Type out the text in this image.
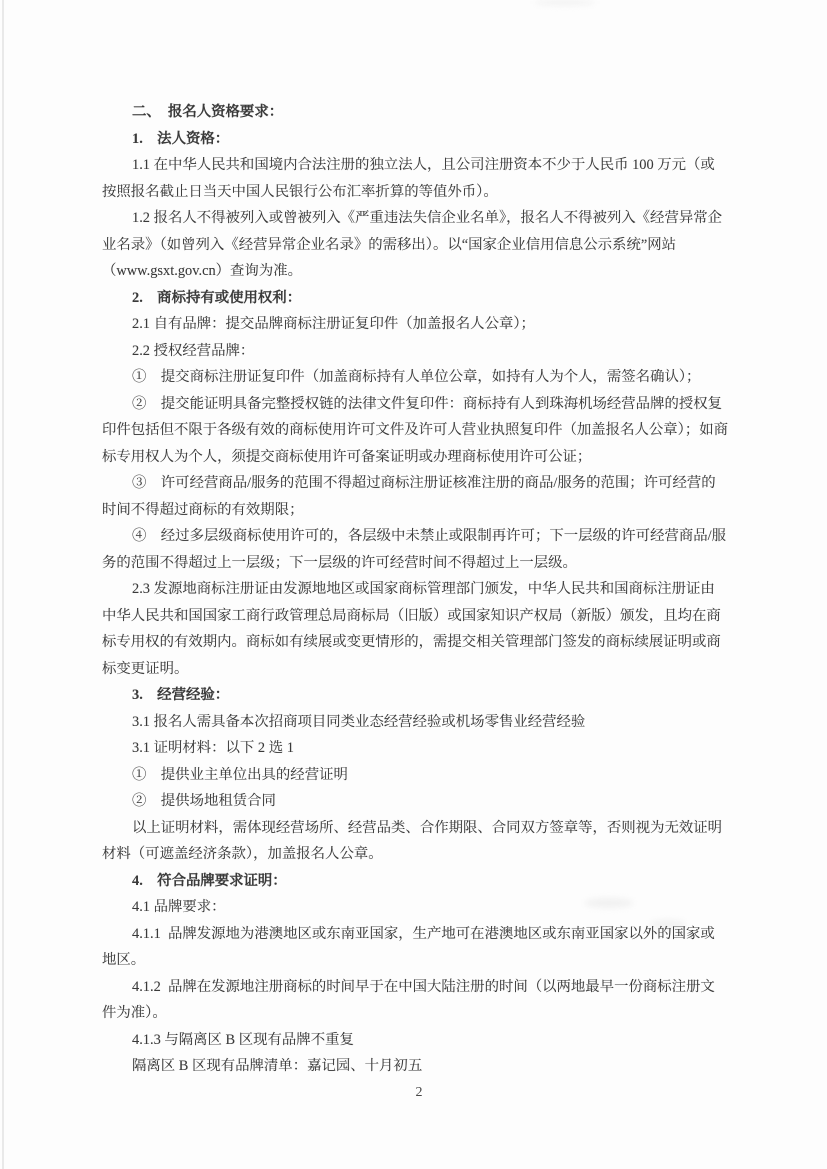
二、  报名人资格要求：
1.    法人资格：
1.1 在中华人民共和国境内合法注册的独立法人，且公司注册资本不少于人民币 100 万元（或
按照报名截止日当天中国人民银行公布汇率折算的等值外币）。
1.2 报名人不得被列入或曾被列入《严重违法失信企业名单》，报名人不得被列入《经营异常企
业名录》（如曾列入《经营异常企业名录》的需移出）。以“国家企业信用信息公示系统”网站
（www.gsxt.gov.cn）查询为准。
2.    商标持有或使用权利：
2.1 自有品牌：提交品牌商标注册证复印件（加盖报名人公章）；
2.2 授权经营品牌：
①　提交商标注册证复印件（加盖商标持有人单位公章，如持有人为个人，需签名确认）；
②　提交能证明具备完整授权链的法律文件复印件：商标持有人到珠海机场经营品牌的授权复
印件包括但不限于各级有效的商标使用许可文件及许可人营业执照复印件（加盖报名人公章）；如商
标专用权人为个人，须提交商标使用许可备案证明或办理商标使用许可公证；
③　许可经营商品/服务的范围不得超过商标注册证核准注册的商品/服务的范围；许可经营的
时间不得超过商标的有效期限；
④　经过多层级商标使用许可的，各层级中未禁止或限制再许可；下一层级的许可经营商品/服
务的范围不得超过上一层级；下一层级的许可经营时间不得超过上一层级。
2.3 发源地商标注册证由发源地地区或国家商标管理部门颁发，中华人民共和国商标注册证由
中华人民共和国国家工商行政管理总局商标局（旧版）或国家知识产权局（新版）颁发，且均在商
标专用权的有效期内。商标如有续展或变更情形的，需提交相关管理部门签发的商标续展证明或商
标变更证明。
3.    经营经验：
3.1 报名人需具备本次招商项目同类业态经营经验或机场零售业经营经验
3.1 证明材料：以下 2 选 1
①　提供业主单位出具的经营证明
②　提供场地租赁合同
以上证明材料，需体现经营场所、经营品类、合作期限、合同双方签章等，否则视为无效证明
材料（可遮盖经济条款），加盖报名人公章。
4.    符合品牌要求证明：
4.1 品牌要求：
4.1.1  品牌发源地为港澳地区或东南亚国家，生产地可在港澳地区或东南亚国家以外的国家或
地区。
4.1.2  品牌在发源地注册商标的时间早于在中国大陆注册的时间（以两地最早一份商标注册文
件为准）。
4.1.3 与隔离区 B 区现有品牌不重复
隔离区 B 区现有品牌清单：嘉记园、十月初五
2
